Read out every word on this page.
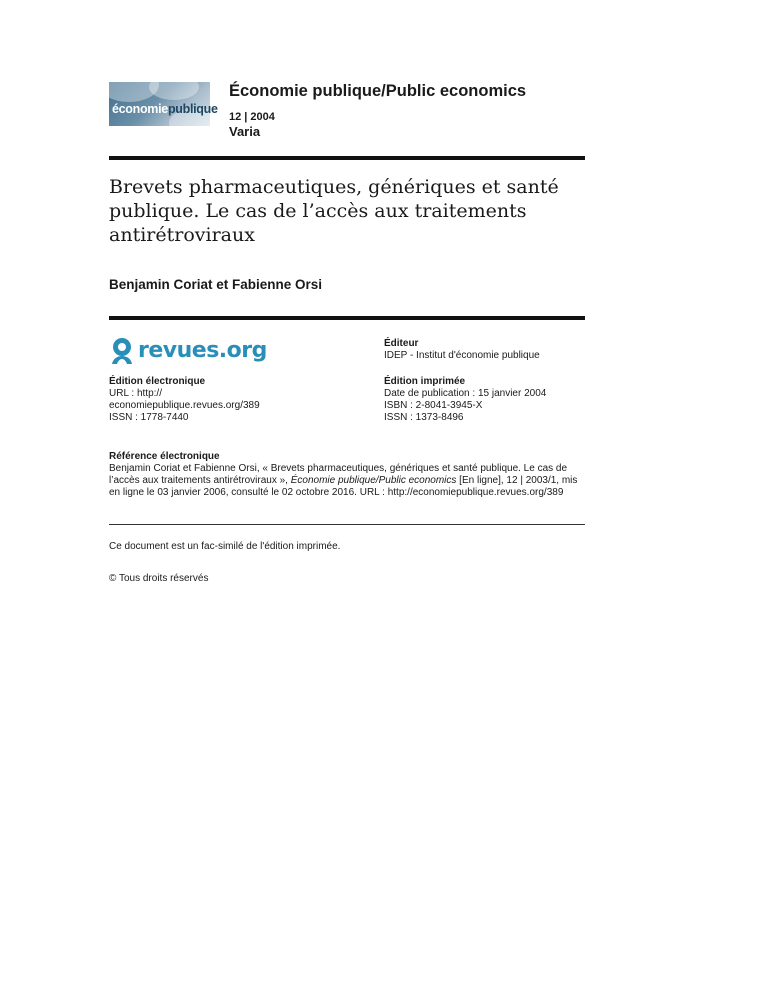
économiepublique
Économie publique/Public economics
12 | 2004
Varia
Brevets pharmaceutiques, génériques et santé publique. Le cas de l’accès aux traitements antirétroviraux
Benjamin Coriat et Fabienne Orsi
revues.org	Éditeur
IDEP - Institut d'économie publique
Édition électronique
URL : http://
economiepublique.revues.org/389
ISSN : 1778-7440
Édition imprimée
Date de publication : 15 janvier 2004
ISBN : 2-8041-3945-X
ISSN : 1373-8496
Référence électronique
Benjamin Coriat et Fabienne Orsi, « Brevets pharmaceutiques, génériques et santé publique. Le cas de l’accès aux traitements antirétroviraux », Économie publique/Public economics [En ligne], 12 | 2003/1, mis en ligne le 03 janvier 2006, consulté le 02 octobre 2016. URL : http://economiepublique.revues.org/389
Ce document est un fac-similé de l'édition imprimée.
© Tous droits réservés
